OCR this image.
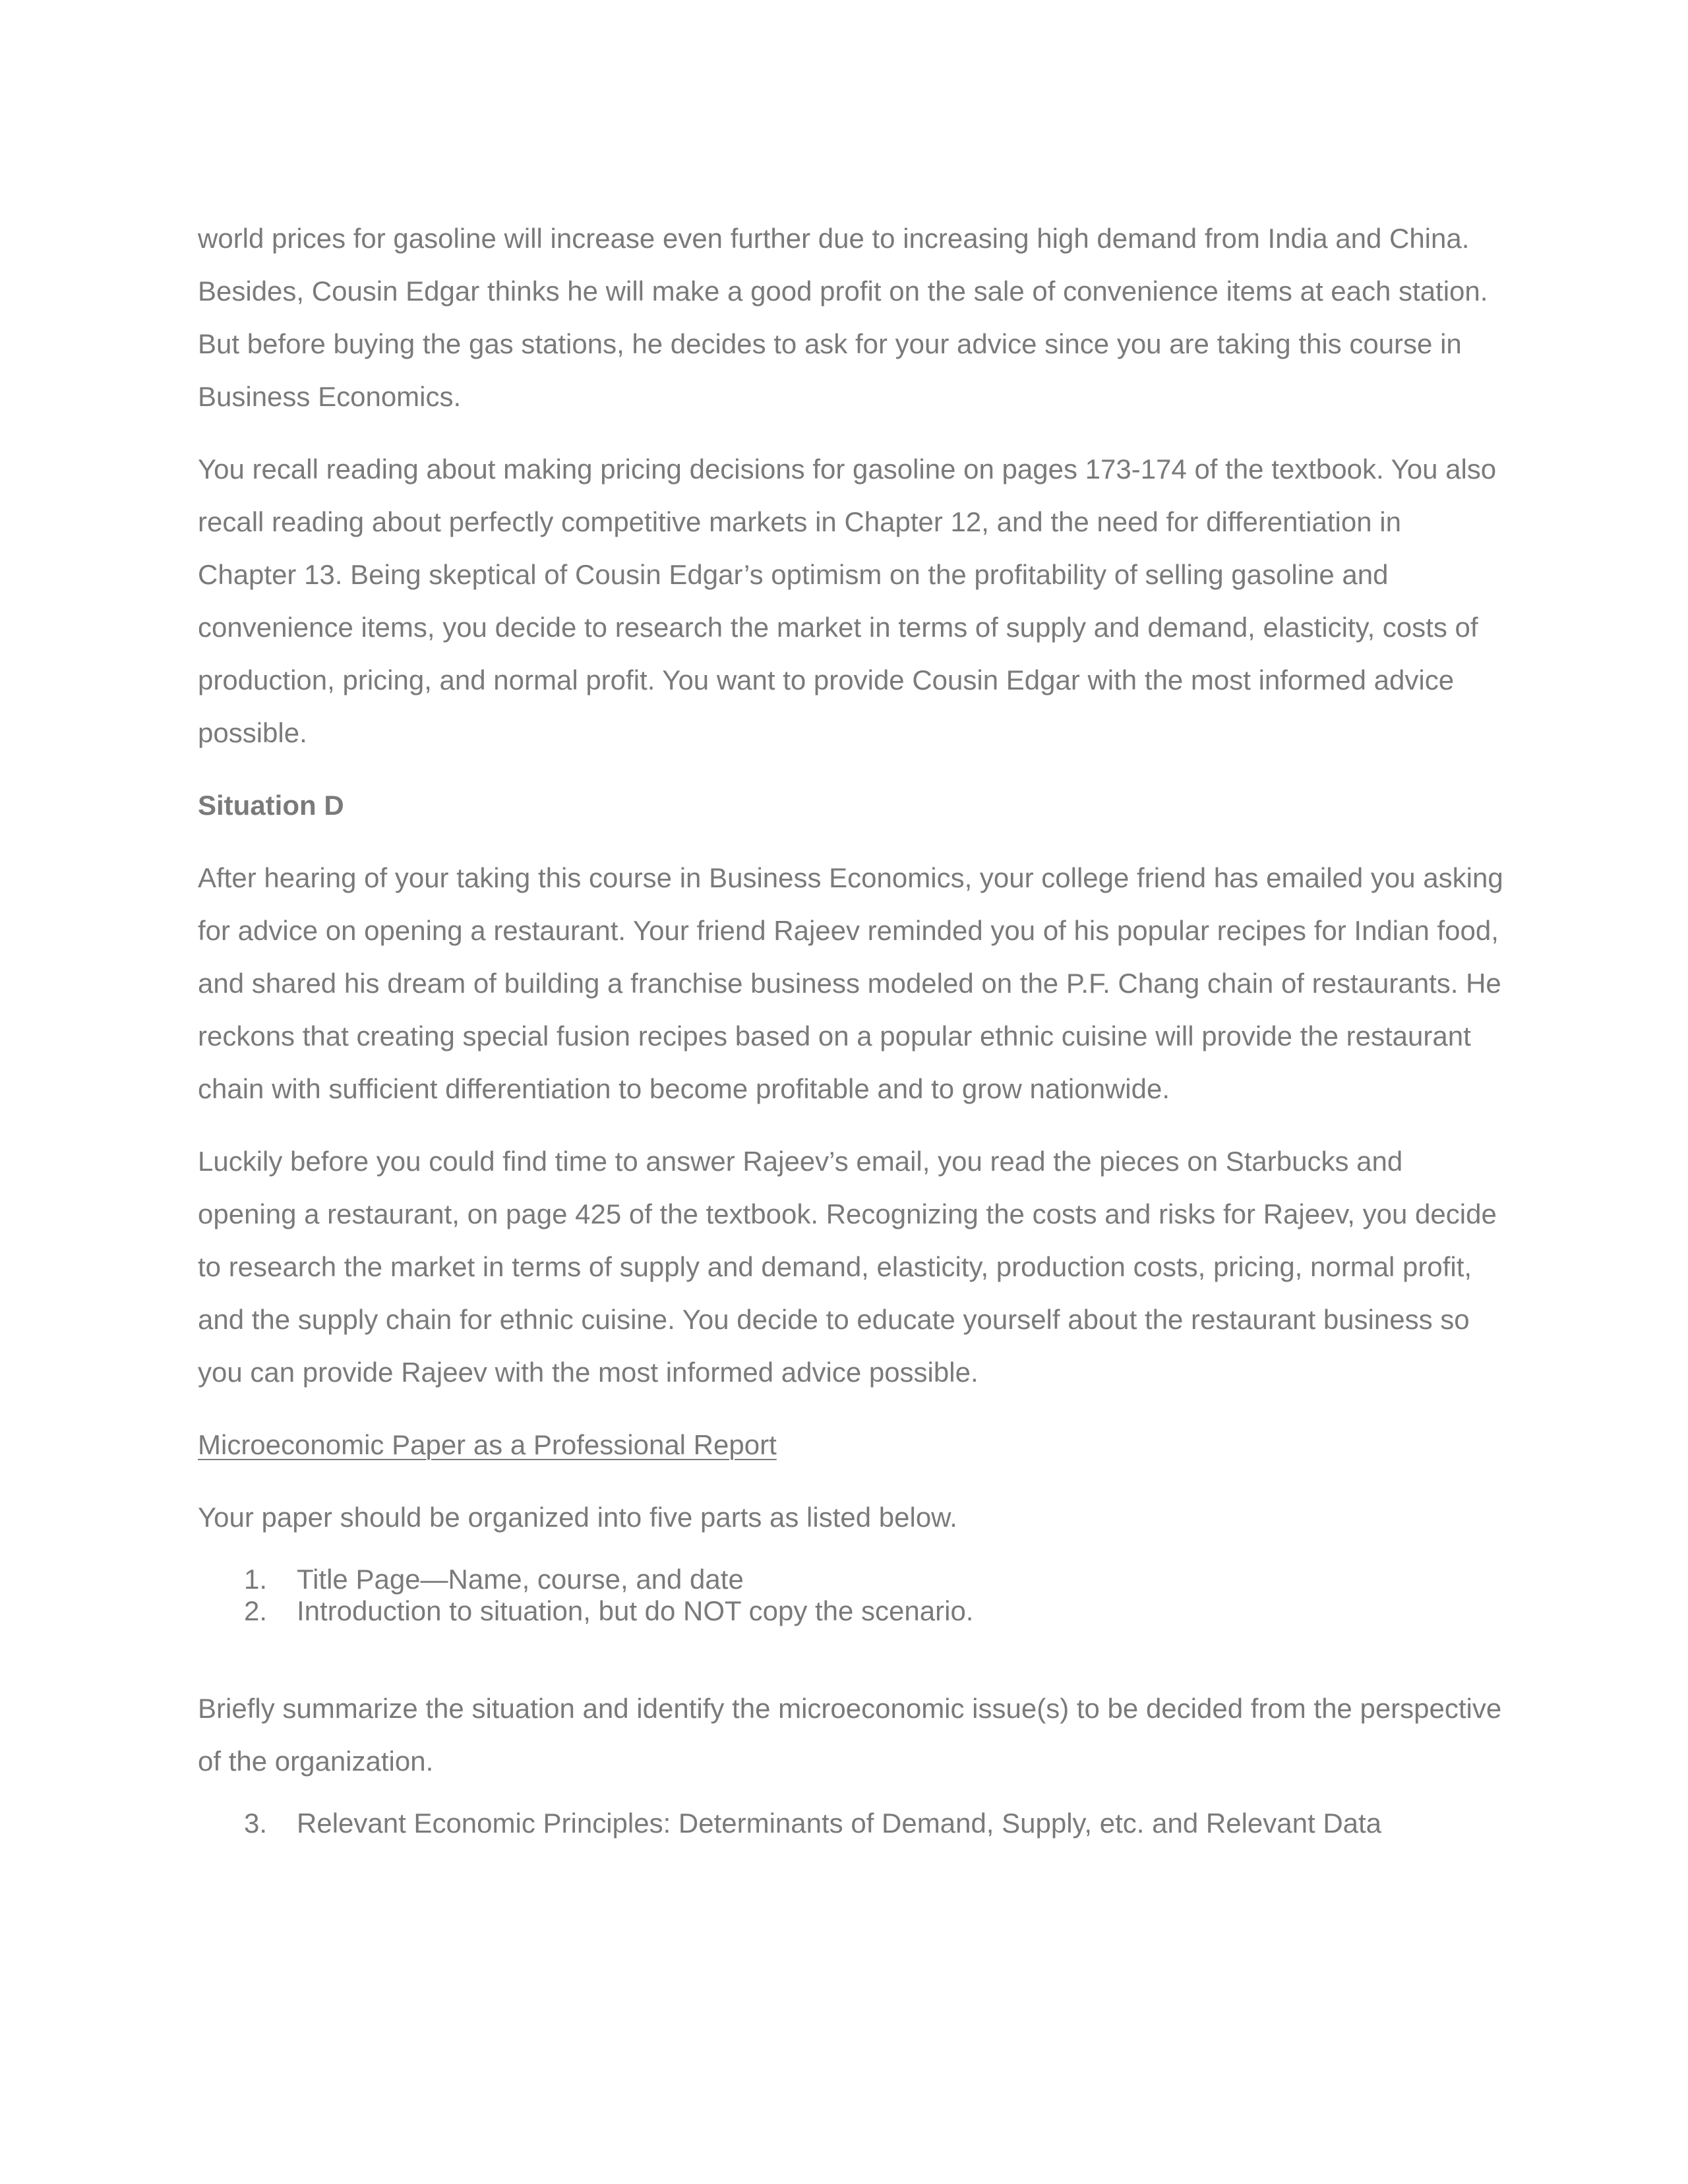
world prices for gasoline will increase even further due to increasing high demand from India and China. Besides, Cousin Edgar thinks he will make a good profit on the sale of convenience items at each station. But before buying the gas stations, he decides to ask for your advice since you are taking this course in Business Economics.

You recall reading about making pricing decisions for gasoline on pages 173-174 of the textbook. You also recall reading about perfectly competitive markets in Chapter 12, and the need for differentiation in Chapter 13. Being skeptical of Cousin Edgar’s optimism on the profitability of selling gasoline and convenience items, you decide to research the market in terms of supply and demand, elasticity, costs of production, pricing, and normal profit. You want to provide Cousin Edgar with the most informed advice possible.

Situation D

After hearing of your taking this course in Business Economics, your college friend has emailed you asking for advice on opening a restaurant. Your friend Rajeev reminded you of his popular recipes for Indian food, and shared his dream of building a franchise business modeled on the P.F. Chang chain of restaurants. He reckons that creating special fusion recipes based on a popular ethnic cuisine will provide the restaurant chain with sufficient differentiation to become profitable and to grow nationwide.

Luckily before you could find time to answer Rajeev’s email, you read the pieces on Starbucks and opening a restaurant, on page 425 of the textbook. Recognizing the costs and risks for Rajeev, you decide to research the market in terms of supply and demand, elasticity, production costs, pricing, normal profit, and the supply chain for ethnic cuisine. You decide to educate yourself about the restaurant business so you can provide Rajeev with the most informed advice possible.

Microeconomic Paper as a Professional Report

Your paper should be organized into five parts as listed below.

1. Title Page—Name, course, and date
2. Introduction to situation, but do NOT copy the scenario.

Briefly summarize the situation and identify the microeconomic issue(s) to be decided from the perspective of the organization.

3. Relevant Economic Principles: Determinants of Demand, Supply, etc. and Relevant Data
